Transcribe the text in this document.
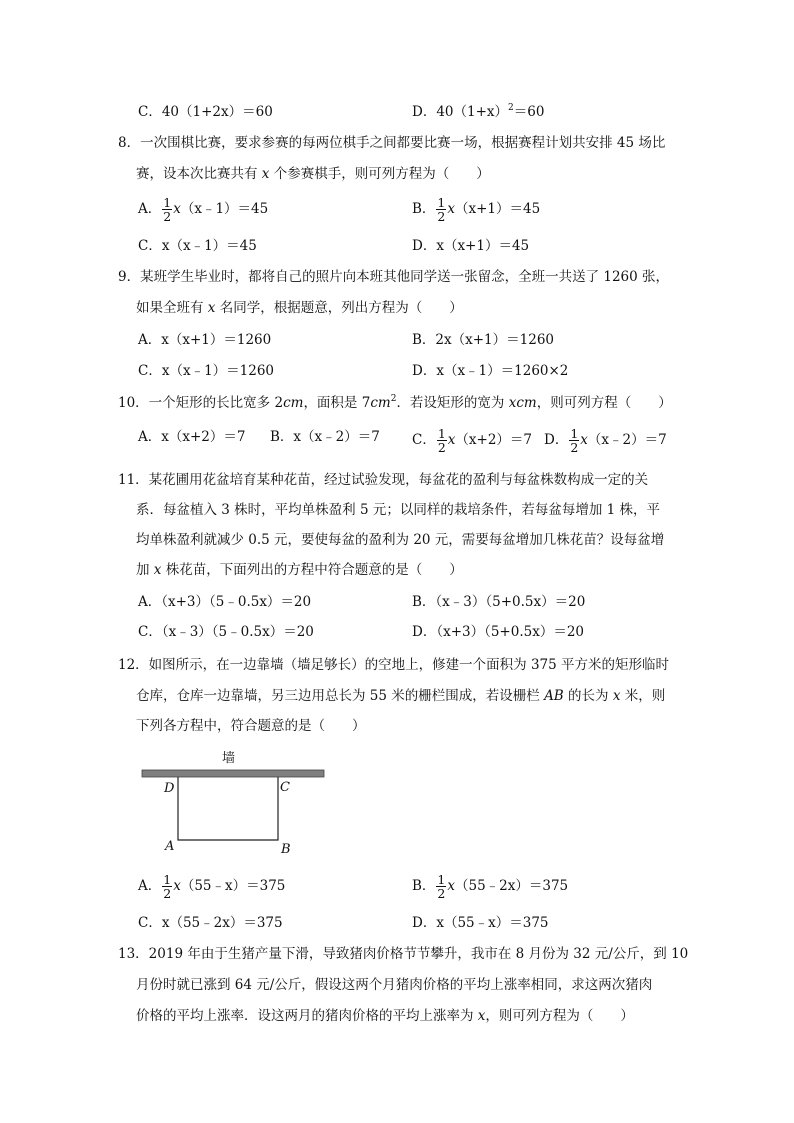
C．40（1+2x）＝60	D．$40(1+x)^2=60$
8．一次围棋比赛，要求参赛的每两位棋手之间都要比赛一场，根据赛程计划共安排 45 场比
赛，设本次比赛共有 x 个参赛棋手，则可列方程为（　　）
A． $\frac{1}{2}$ x（x﹣1）＝45	B． $\frac{1}{2} x(x+1)=45$
C．x（x﹣1）＝45	D．x（x+1）＝45
9．某班学生毕业时，都将自己的照片向本班其他同学送一张留念，全班一共送了 1260 张，
如果全班有 x 名同学，根据题意，列出方程为（　　）
A．x（x+1）＝1260	B．2x（x+1）＝1260
C．x（x﹣1）＝1260	D．x（x﹣1）＝1260×2
10．一个矩形的长比宽多 2cm，面积是 $7cm^2$．若设矩形的宽为 xcm，则可列方程（　　）
A．x（x+2）＝7 B．x（x﹣2）＝7 C． $\frac{1}{2} x(x+2)=7$ D． $\frac{1}{2}$ x（x﹣2）＝7
11．某花圃用花盆培育某种花苗，经过试验发现，每盆花的盈利与每盆株数构成一定的关
系．每盆植入 3 株时，平均单株盈利 5 元；以同样的栽培条件，若每盆每增加 1 株，平
均单株盈利就减少 0.5 元，要使每盆的盈利为 20 元，需要每盆增加几株花苗？设每盆增
加 x 株花苗，下面列出的方程中符合题意的是（　　）
A．（x+3）（5﹣0.5x）＝20	B．（x﹣3）（5+0.5x）＝20
C．（x﹣3）（5﹣0.5x）＝20	D．（x+3）（5+0.5x）＝20
12．如图所示，在一边靠墙（墙足够长）的空地上，修建一个面积为 375 平方米的矩形临时
仓库，仓库一边靠墙，另三边用总长为 55 米的栅栏围成，若设栅栏 AB 的长为 x 米，则
下列各方程中，符合题意的是（　　）
墙
D	C
A	B
A． $\frac{1}{2}$ x（55﹣x）＝375	B． $\frac{1}{2}$ x（55﹣2x）＝375
C．x（55﹣2x）＝375	D．x（55﹣x）＝375
13．2019 年由于生猪产量下滑，导致猪肉价格节节攀升，我市在 8 月份为 32 元/公斤，到 10
月份时就已涨到 64 元/公斤，假设这两个月猪肉价格的平均上涨率相同，求这两次猪肉
价格的平均上涨率．设这两月的猪肉价格的平均上涨率为 x，则可列方程为（　　）
